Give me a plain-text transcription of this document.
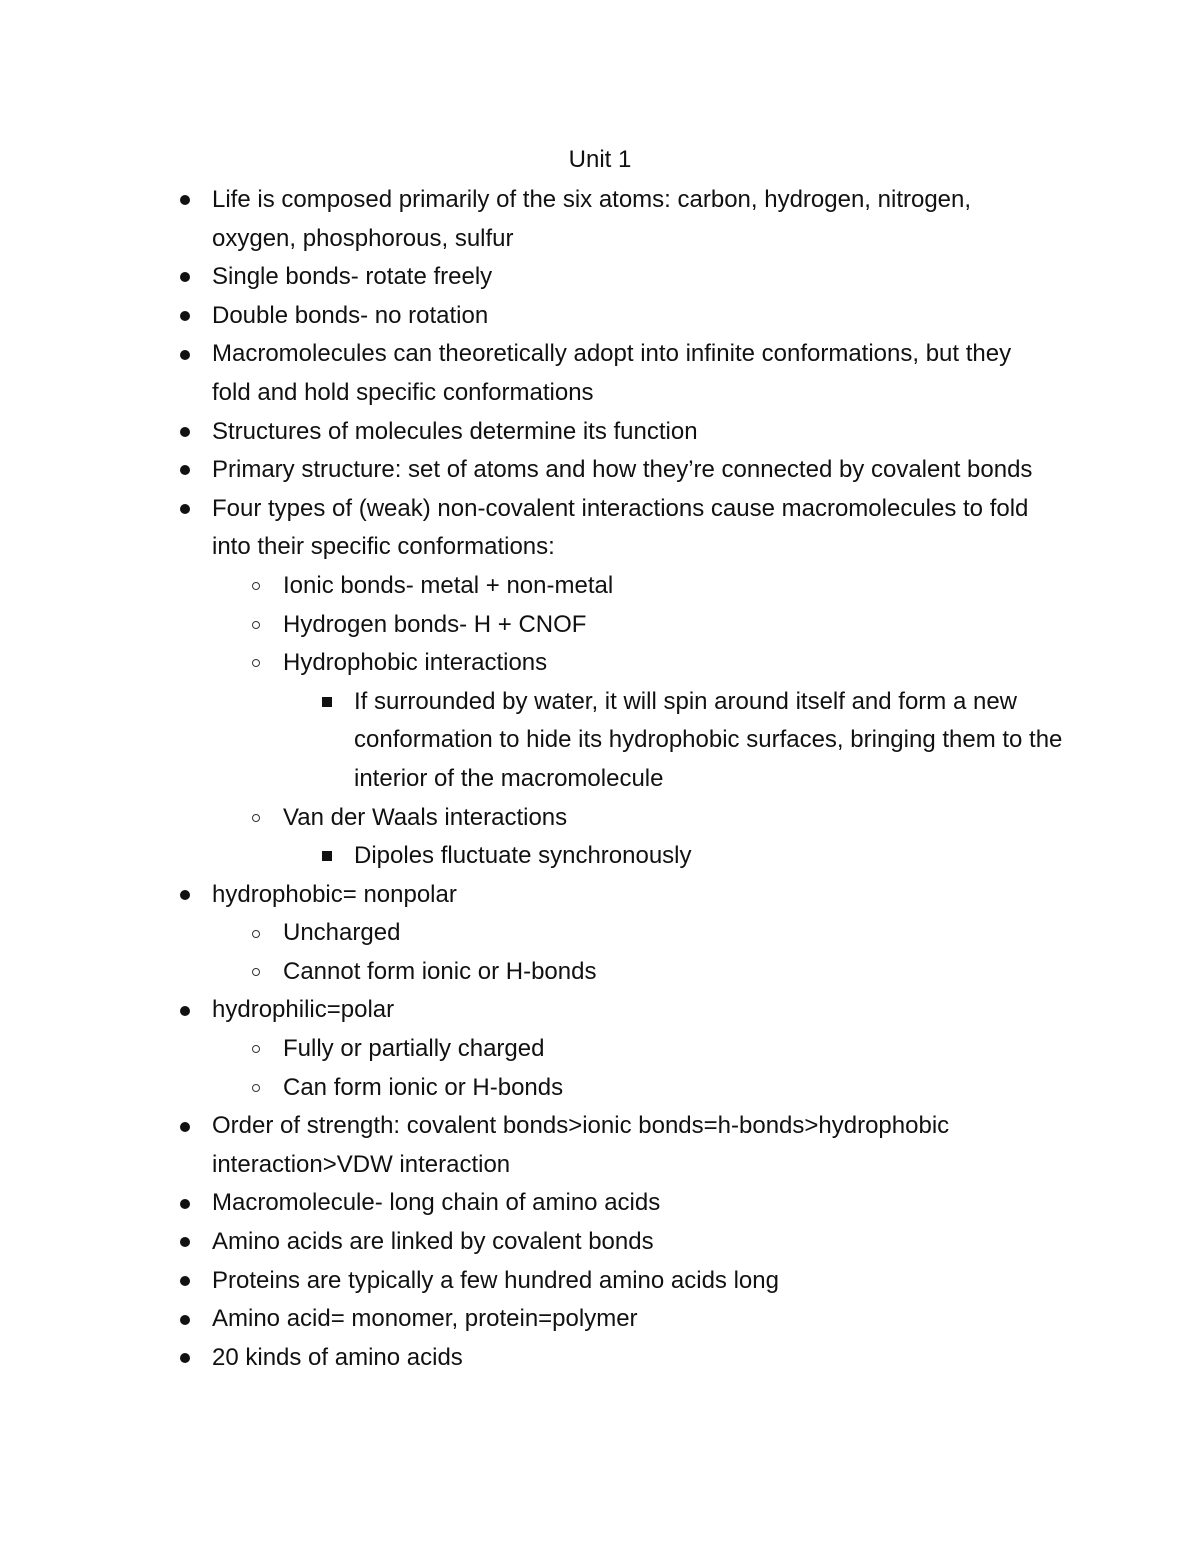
Unit 1
Life is composed primarily of the six atoms: carbon, hydrogen, nitrogen, oxygen, phosphorous, sulfur
Single bonds- rotate freely
Double bonds- no rotation
Macromolecules can theoretically adopt into infinite conformations, but they fold and hold specific conformations
Structures of molecules determine its function
Primary structure: set of atoms and how they’re connected by covalent bonds
Four types of (weak) non-covalent interactions cause macromolecules to fold into their specific conformations:
Ionic bonds- metal + non-metal
Hydrogen bonds- H + CNOF
Hydrophobic interactions
If surrounded by water, it will spin around itself and form a new conformation to hide its hydrophobic surfaces, bringing them to the interior of the macromolecule
Van der Waals interactions
Dipoles fluctuate synchronously
hydrophobic= nonpolar
Uncharged
Cannot form ionic or H-bonds
hydrophilic=polar
Fully or partially charged
Can form ionic or H-bonds
Order of strength: covalent bonds>ionic bonds=h-bonds>hydrophobic interaction>VDW interaction
Macromolecule- long chain of amino acids
Amino acids are linked by covalent bonds
Proteins are typically a few hundred amino acids long
Amino acid= monomer, protein=polymer
20 kinds of amino acids
